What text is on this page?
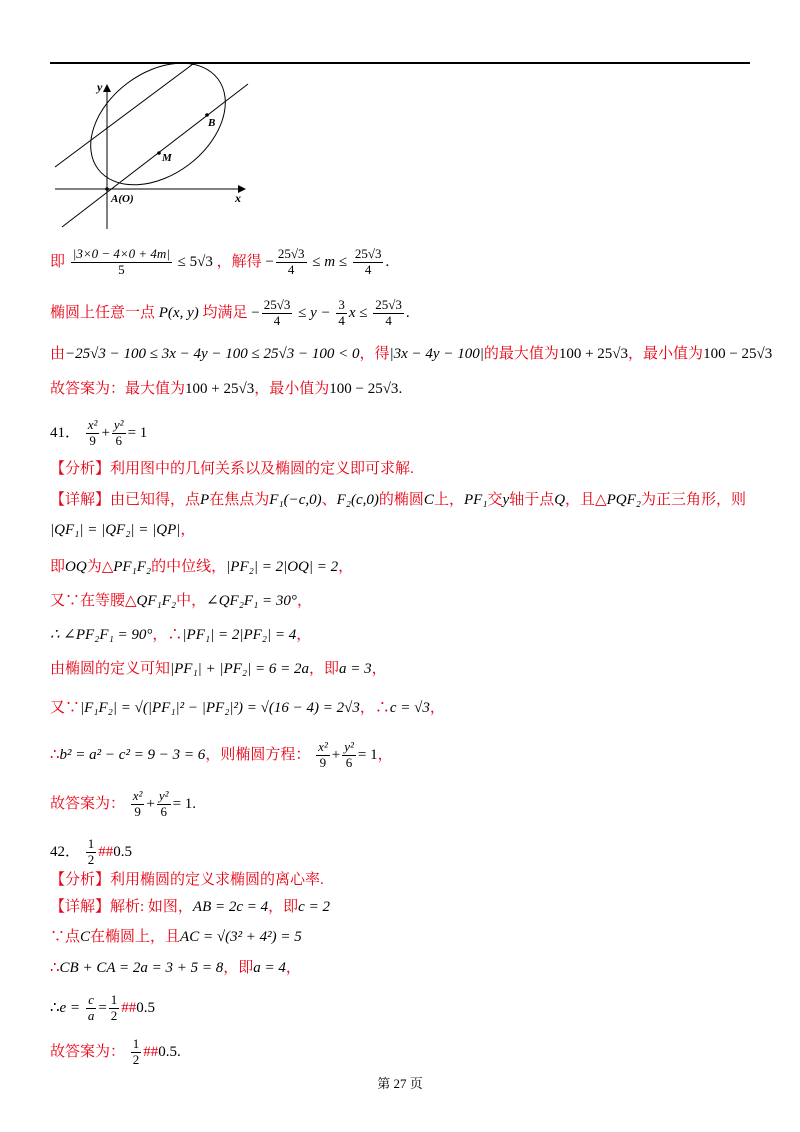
y
x
B
M
A(O)
即 $\frac{|3\times 0 - 4\times 0 + 4m|}{5} \le 5√3$ ，解得 − $\frac{25√3}{4} \le m \le \frac{25√3}{4}$ .
椭圆上任意一点 P(x, y) 均满足 − $\frac{25√3}{4} \le y - \frac{3}{4}$ $x \le \frac{25√3}{4}$ .
由−25√3 − 100 ≤ 3x − 4y − 100 ≤ 25√3 − 100 < 0，得|3x − 4y − 100|的最大值为100 + 25√3，最小值为100 − 25√3
故答案为：最大值为100 + 25√3，最小值为100 − 25√3.
41． $\frac{\text{x²}}{9} + \frac{\text{y²}}{6} = 1$
【分析】利用图中的几何关系以及椭圆的定义即可求解.
【详解】由已知得，点P在焦点为F₁(−c,0)、F₂(c,0)的椭圆C上，PF₁交y轴于点Q，且△PQF₂为正三角形，则
|QF₁| = |QF₂| = |QP|，
即OQ为△PF₁F₂的中位线，|PF₂| = 2|OQ| = 2，
又∵在等腰△QF₁F₂中，∠QF₂F₁ = 30°，
∴ ∠PF₂F₁ = 90°，∴|PF₁| = 2|PF₂| = 4，
由椭圆的定义可知|PF₁| + |PF₂| = 6 = 2a，即a = 3，
又∵|F₁F₂| = √(|PF₁|² − |PF₂|²) = √(16 − 4) = 2√3，∴c = √3，
∴b² = a² − c² = 9 − 3 = 6，则椭圆方程： $\frac{\text{x²}}{9} + \frac{\text{y²}}{6} = 1$，
故答案为： $\frac{\text{x²}}{9} + \frac{\text{y²}}{6} = 1$.
42． $\frac{1}{2}$ ##0.5
【分析】利用椭圆的定义求椭圆的离心率.
【详解】解析: 如图，AB = 2c = 4，即c = 2
∵点C在椭圆上，且AC = √(3² + 4²) = 5
∴CB + CA = 2a = 3 + 5 = 8，即a = 4，
∴e = $\frac{c}{a} = \frac{1}{2}$ ##0.5
故答案为： $\frac{1}{2}$ ##0.5.
第 27 页
